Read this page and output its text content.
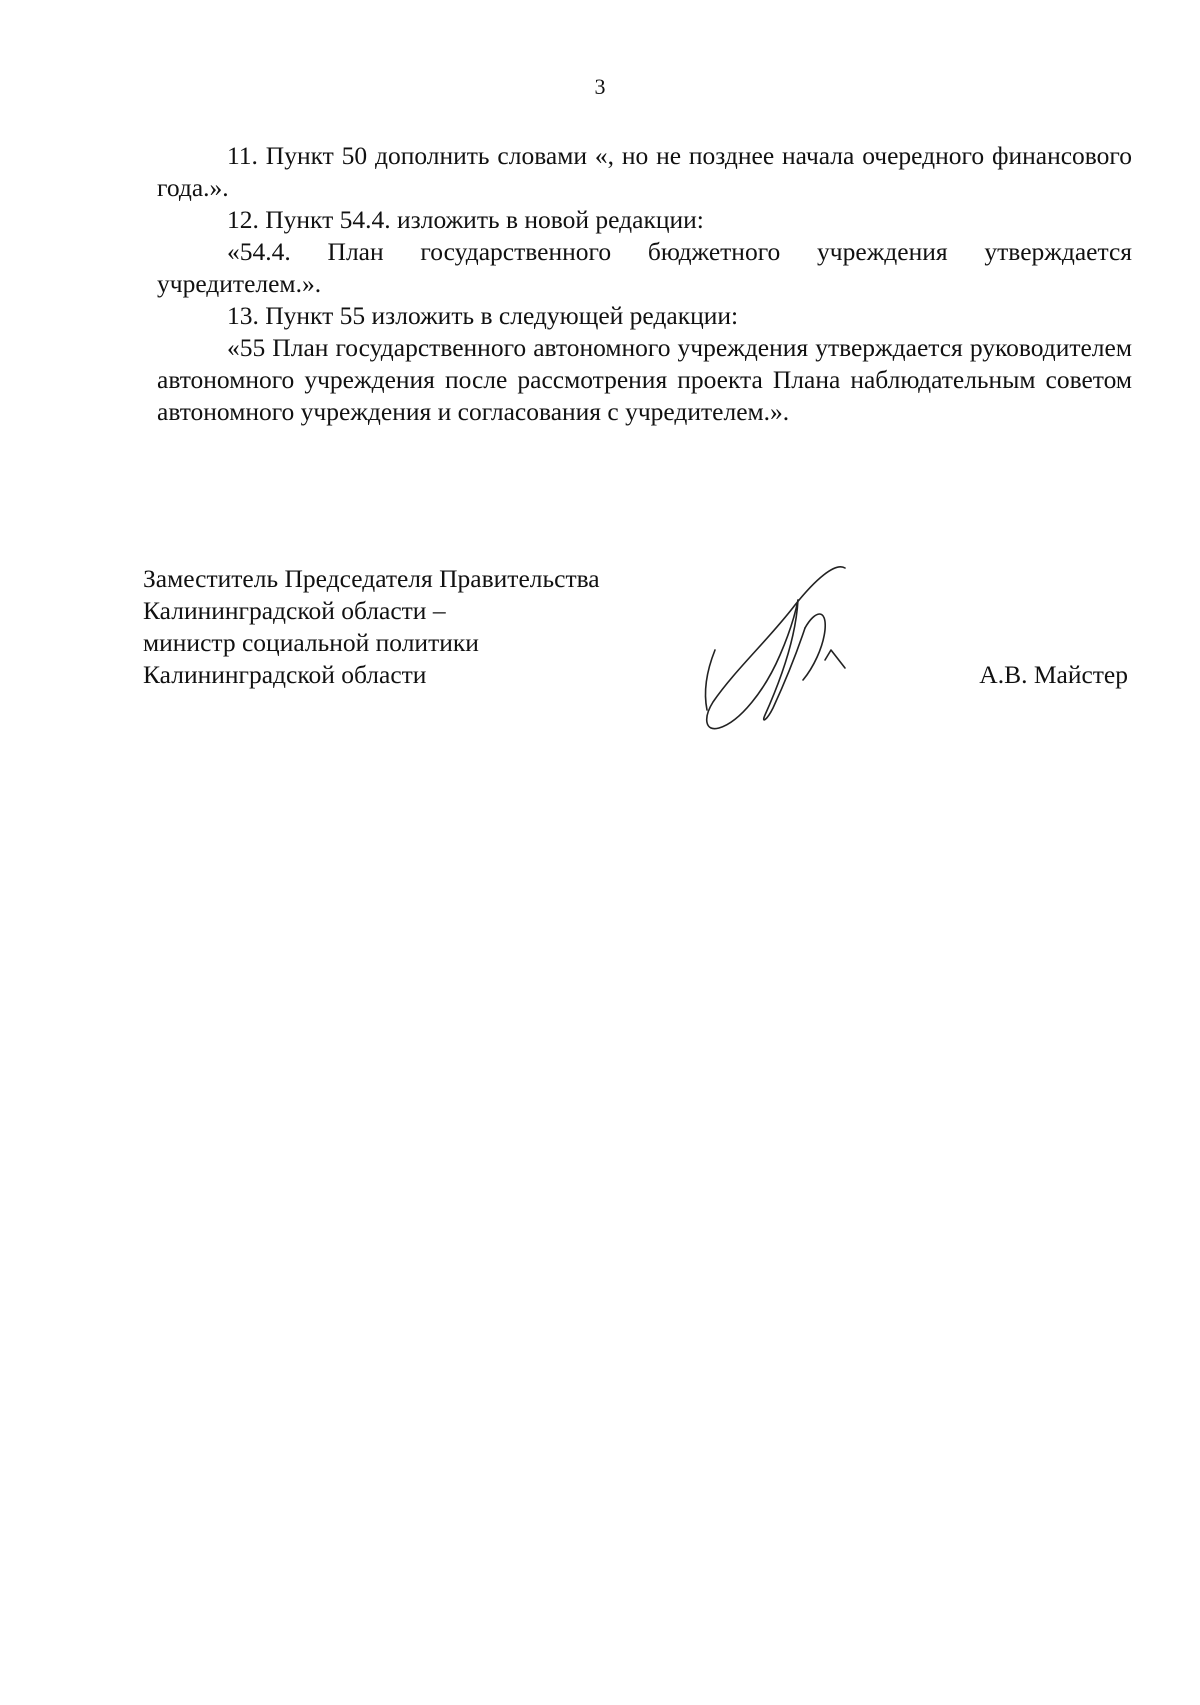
3

11. Пункт 50 дополнить словами «, но не позднее начала очередного финансового года.».

12. Пункт 54.4. изложить в новой редакции:

«54.4. План государственного бюджетного учреждения утверждается учредителем.».

13. Пункт 55 изложить в следующей редакции:

«55 План государственного автономного учреждения утверждается руководителем автономного учреждения после рассмотрения проекта Плана наблюдательным советом автономного учреждения и согласования с учредителем.».

Заместитель Председателя Правительства
Калининградской области –
министр социальной политики
Калининградской области	А.В. Майстер
